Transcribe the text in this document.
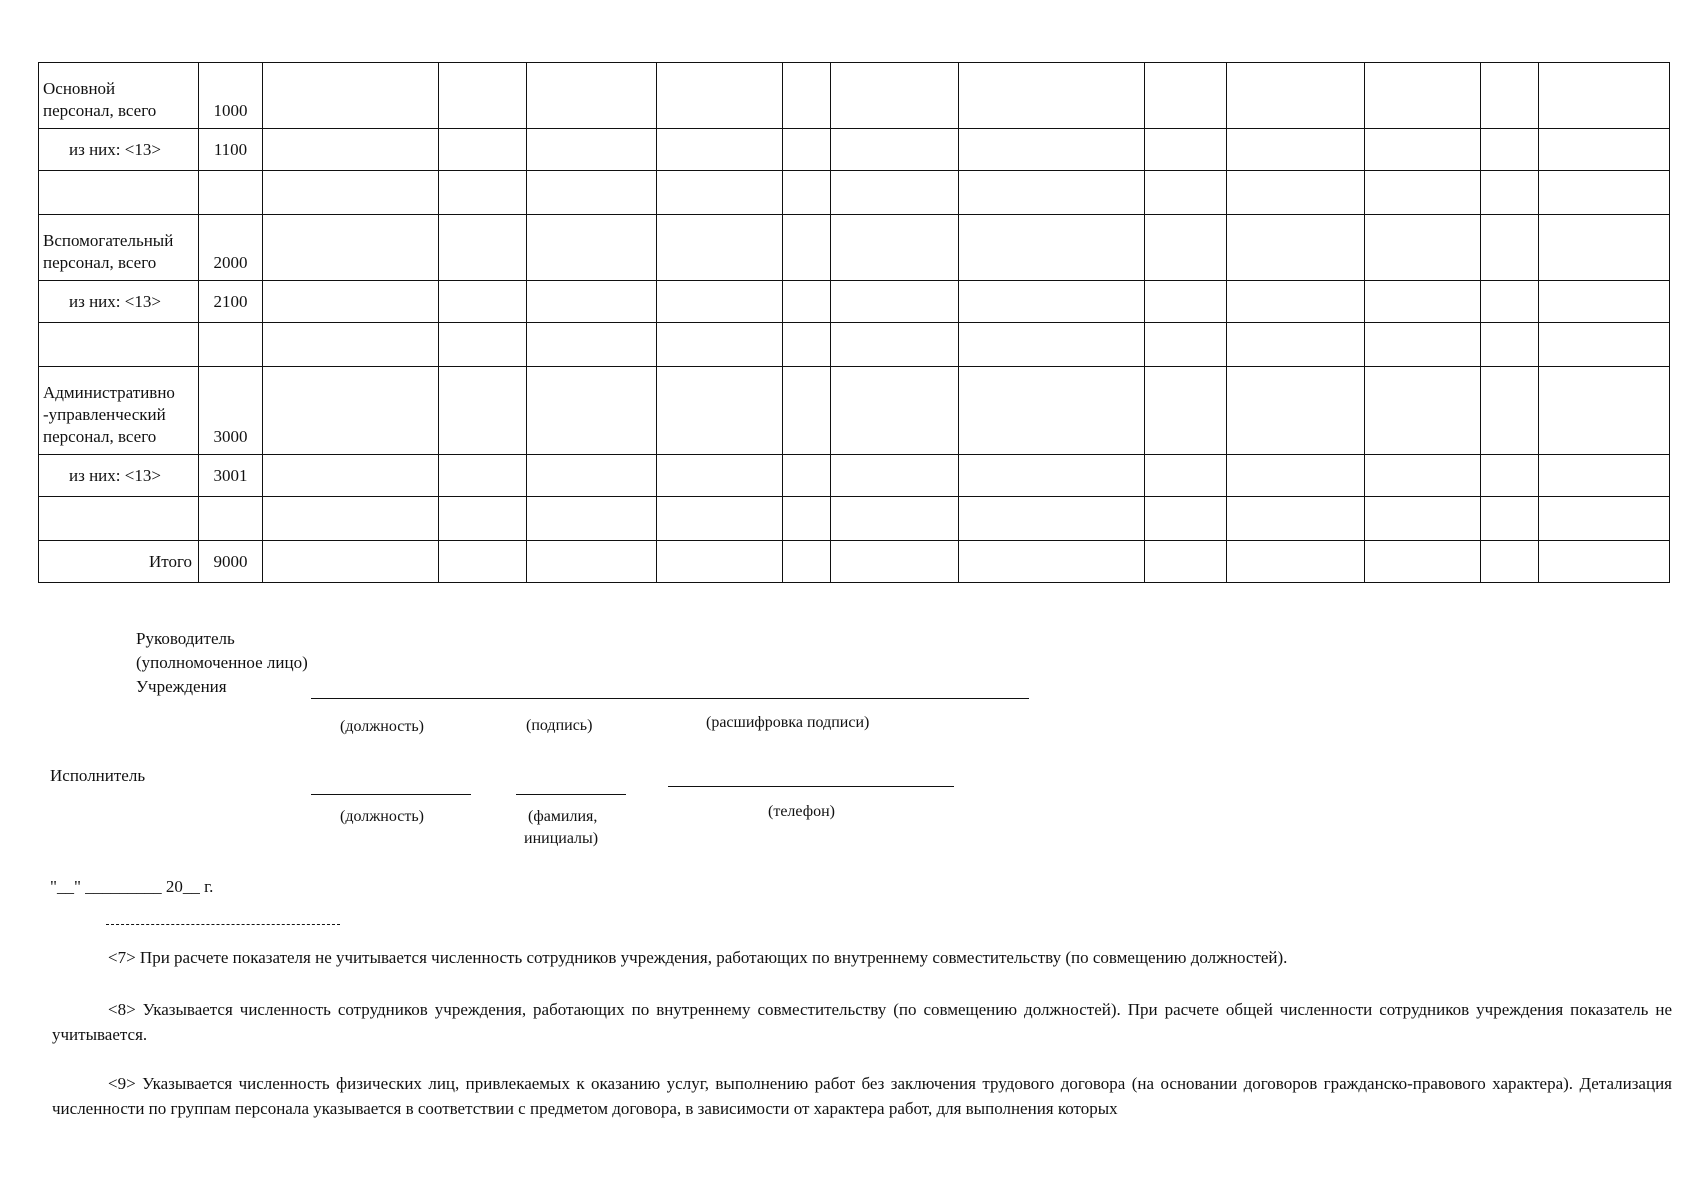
Основной
персонал, всего	1000												
из них: <13>	1100												

Вспомогательный
персонал, всего	2000												
из них: <13>	2100												

Административно
-управленческий
персонал, всего	3000												
из них: <13>	3001												

Итого	9000												
Руководитель
(уполномоченное лицо)
Учреждения
(должность)	(подпись)	(расшифровка подписи)
Исполнитель
(должность)	(фамилия,
инициалы)
(телефон)
"__" _________ 20__ г.
<7> При расчете показателя не учитывается численность сотрудников учреждения, работающих по внутреннему совместительству (по совмещению должностей).
<8> Указывается численность сотрудников учреждения, работающих по внутреннему совместительству (по совмещению должностей). При расчете общей численности сотрудников учреждения показатель не учитывается.
<9> Указывается численность физических лиц, привлекаемых к оказанию услуг, выполнению работ без заключения трудового договора (на основании договоров гражданско-правового характера). Детализация численности по группам персонала указывается в соответствии с предметом договора, в зависимости от характера работ, для выполнения которых
